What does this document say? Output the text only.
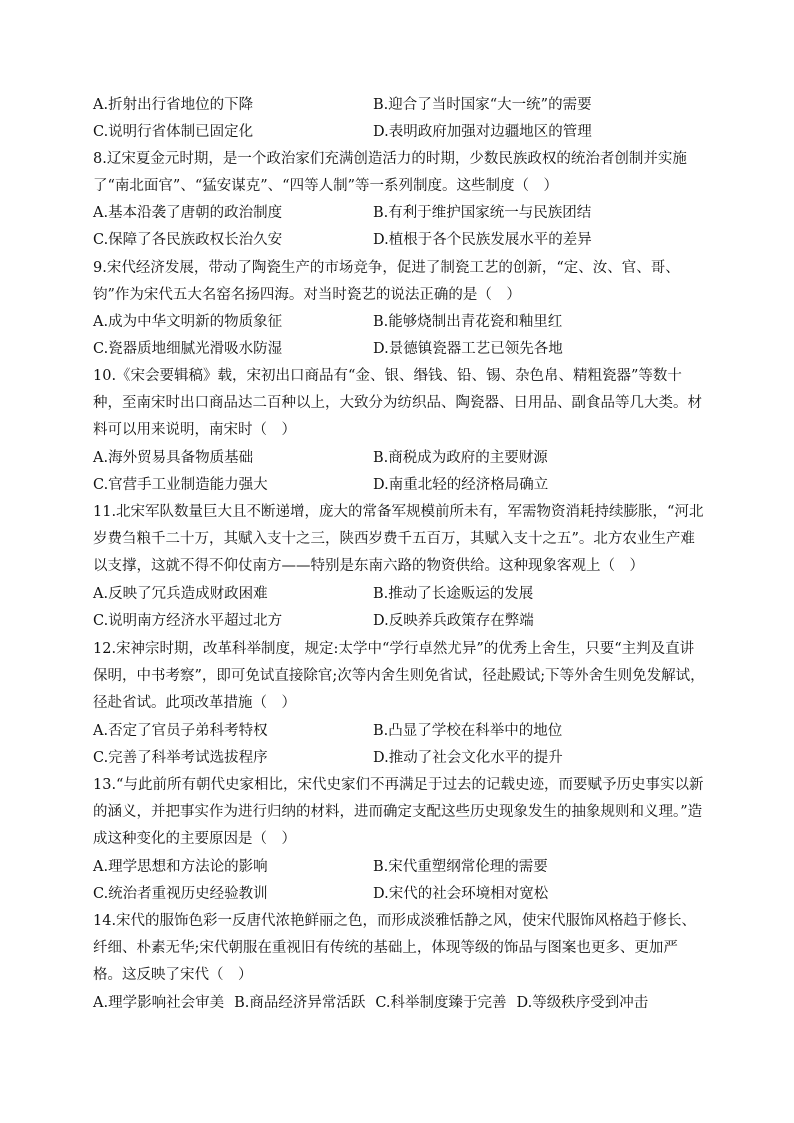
A.折射出行省地位的下降	B.迎合了当时国家“大一统”的需要
C.说明行省体制已固定化	D.表明政府加强对边疆地区的管理

8.辽宋夏金元时期，是一个政治家们充满创造活力的时期，少数民族政权的统治者创制并实施了“南北面官”、“猛安谋克”、“四等人制”等一系列制度。这些制度（　）

A.基本沿袭了唐朝的政治制度	B.有利于维护国家统一与民族团结
C.保障了各民族政权长治久安	D.植根于各个民族发展水平的差异

9.宋代经济发展，带动了陶瓷生产的市场竞争，促进了制瓷工艺的创新，“定、汝、官、哥、钧”作为宋代五大名窑名扬四海。对当时瓷艺的说法正确的是（　）

A.成为中华文明新的物质象征	B.能够烧制出青花瓷和釉里红
C.瓷器质地细腻光滑吸水防湿	D.景德镇瓷器工艺已领先各地

10.《宋会要辑稿》载，宋初出口商品有“金、银、缗钱、铅、锡、杂色帛、精粗瓷器”等数十种，至南宋时出口商品达二百种以上，大致分为纺织品、陶瓷器、日用品、副食品等几大类。材料可以用来说明，南宋时（　）

A.海外贸易具备物质基础	B.商税成为政府的主要财源
C.官营手工业制造能力强大	D.南重北轻的经济格局确立

11.北宋军队数量巨大且不断递增，庞大的常备军规模前所未有，军需物资消耗持续膨胀，“河北岁费刍粮千二十万，其赋入支十之三，陕西岁费千五百万，其赋入支十之五”。北方农业生产难以支撑，这就不得不仰仗南方——特别是东南六路的物资供给。这种现象客观上（　）

A.反映了冗兵造成财政困难	B.推动了长途贩运的发展
C.说明南方经济水平超过北方	D.反映养兵政策存在弊端

12.宋神宗时期，改革科举制度，规定:太学中“学行卓然尤异”的优秀上舍生，只要“主判及直讲保明，中书考察”，即可免试直接除官;次等内舍生则免省试，径赴殿试;下等外舍生则免发解试，径赴省试。此项改革措施（　）

A.否定了官员子弟科考特权	B.凸显了学校在科举中的地位
C.完善了科举考试选拔程序	D.推动了社会文化水平的提升

13.“与此前所有朝代史家相比，宋代史家们不再满足于过去的记载史迹，而要赋予历史事实以新的涵义，并把事实作为进行归纳的材料，进而确定支配这些历史现象发生的抽象规则和义理。”造成这种变化的主要原因是（　）

A.理学思想和方法论的影响	B.宋代重塑纲常伦理的需要
C.统治者重视历史经验教训	D.宋代的社会环境相对宽松

14.宋代的服饰色彩一反唐代浓艳鲜丽之色，而形成淡雅恬静之风，使宋代服饰风格趋于修长、纤细、朴素无华;宋代朝服在重视旧有传统的基础上，体现等级的饰品与图案也更多、更加严格。这反映了宋代（　）

A.理学影响社会审美 B.商品经济异常活跃 C.科举制度臻于完善 D.等级秩序受到冲击
